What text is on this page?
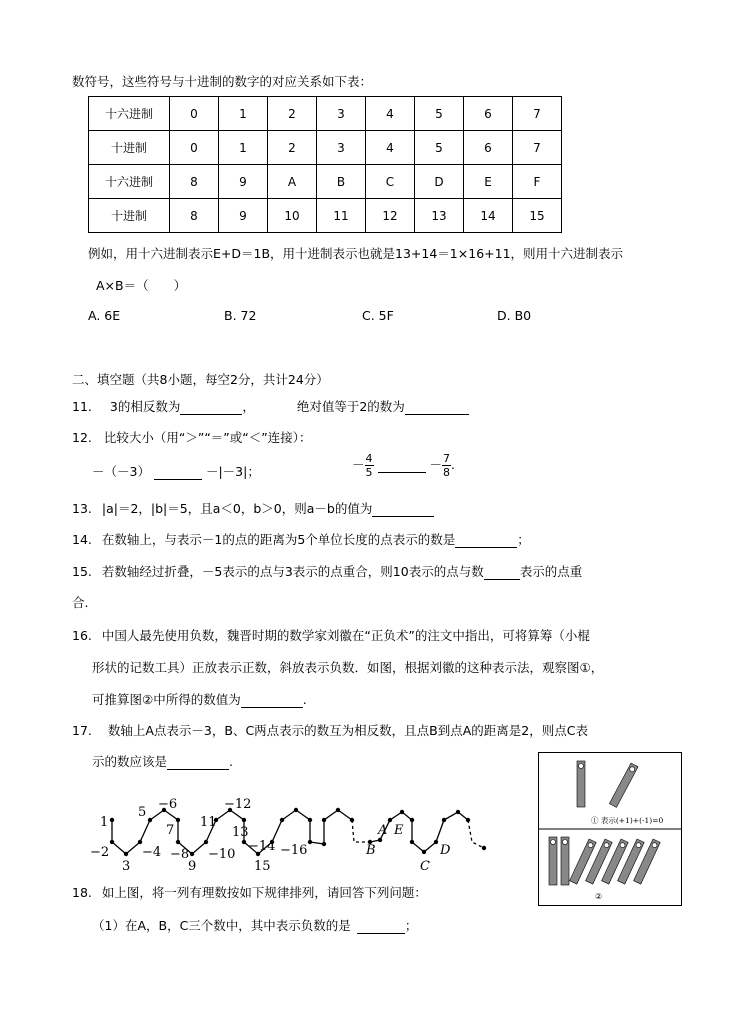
数符号，这些符号与十进制的数字的对应关系如下表：
十六进制	0	1	2	3	4	5	6	7
十进制	0	1	2	3	4	5	6	7
十六进制	8	9	A	B	C	D	E	F
十进制	8	9	10	11	12	13	14	15
例如，用十六进制表示E+D＝1B，用十进制表示也就是13+14＝1×16+11，则用十六进制表示
A×B＝（　　）
A. 6E	B. 72	C. 5F	D. B0
二、填空题（共8小题，每空2分，共计24分）
11. 3的相反数为	，	绝对值等于2的数为
12. 比较大小（用“＞”“＝”或“＜”连接）：
－（－3）	－|－3|；	－ $\frac{4}{5}$	－ $\frac{7}{8}$ .
13. |a|＝2，|b|＝5，且a＜0，b＞0，则a－b的值为
14. 在数轴上，与表示－1的点的距离为5个单位长度的点表示的数是	；
15. 若数轴经过折叠，－5表示的点与3表示的点重合，则10表示的点与数	表示的点重
合.
16. 中国人最先使用负数，魏晋时期的数学家刘徽在“正负术”的注文中指出，可将算筹（小棍
形状的记数工具）正放表示正数，斜放表示负数．如图，根据刘徽的这种表示法，观察图①，
可推算图②中所得的数值为	.
17. 数轴上A点表示－3，B、C两点表示的数互为相反数，且点B到点A的距离是2，则点C表
示的数应该是	.
① 表示(+1)+(-1)=0
②
1
−2
3
−4
5
−6
7
−8
9
−10
11
−12
13
−14
15
−16
A
B
C
D
E
18. 如上图，将一列有理数按如下规律排列，请回答下列问题：
（1）在A，B，C三个数中，其中表示负数的是	；
